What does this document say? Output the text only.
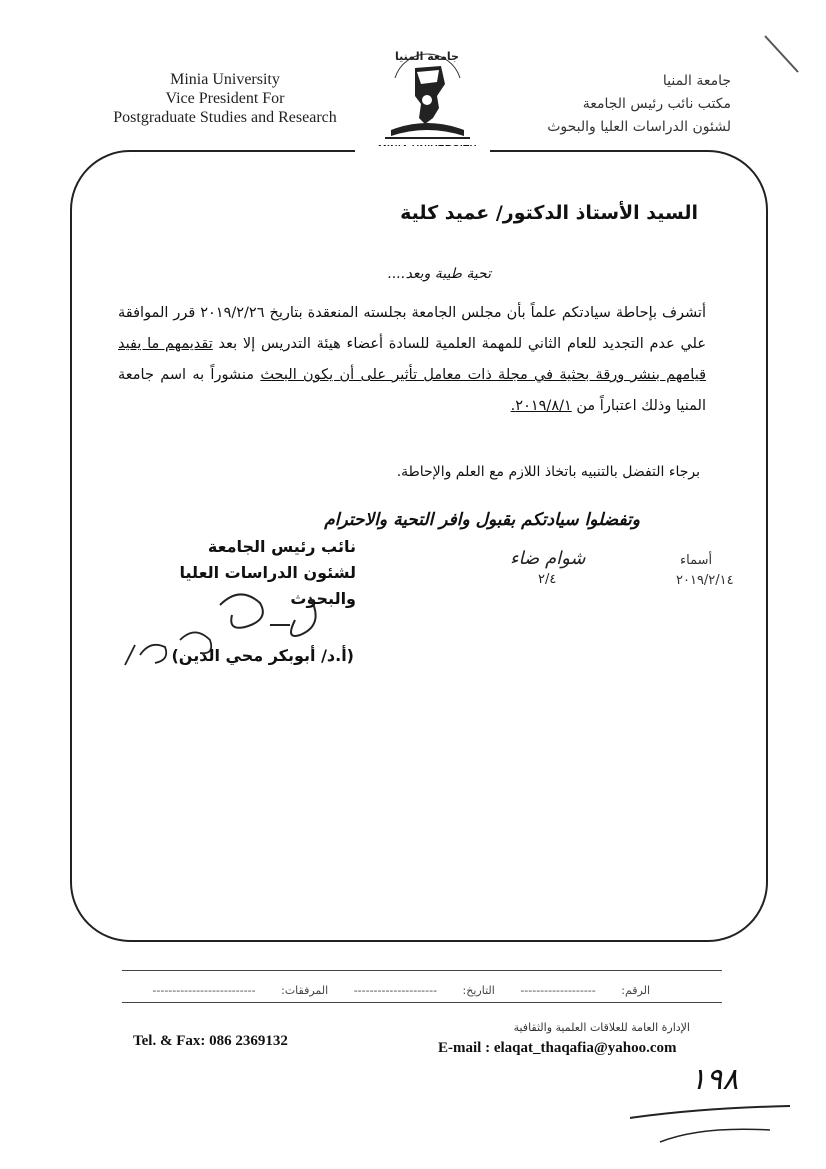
Minia University
Vice President For
Postgraduate Studies and Research
جامعة المنيا
مكتب نائب رئيس الجامعة
لشئون الدراسات العليا والبحوث
جامعة المنيا
السيد الأستاذ الدكتور/ عميد كلية
تحية طيبة وبعد....
أتشرف بإحاطة سيادتكم علماً بأن مجلس الجامعة بجلسته المنعقدة بتاريخ ٢٠١٩/٢/٢٦ قرر الموافقة علي عدم التجديد للعام الثاني للمهمة العلمية للسادة أعضاء هيئة التدريس إلا بعد تقديمهم ما يفيد قيامهم بنشر ورقة بحثية في مجلة ذات معامل تأثير على أن يكون البحث منشوراً به اسم جامعة المنيا وذلك اعتباراً من ٢٠١٩/٨/١.
برجاء التفضل بالتنبيه باتخاذ اللازم مع العلم والإحاطة.
وتفضلوا سيادتكم بقبول وافر التحية والاحترام
نائب رئيس الجامعة
لشئون الدراسات العليا والبحوث
(أ.د/ أبوبكر محي الدين)
شوام ضاء
٢/٤
أسماء
٢٠١٩/٢/١٤
الرقم: ------------------- التاريخ: --------------------- المرفقات: --------------------------
الإدارة العامة للعلاقات العلمية والثقافية
Tel. & Fax: 086 2369132	E-mail : elaqat_thaqafia@yahoo.com
١٩٨
